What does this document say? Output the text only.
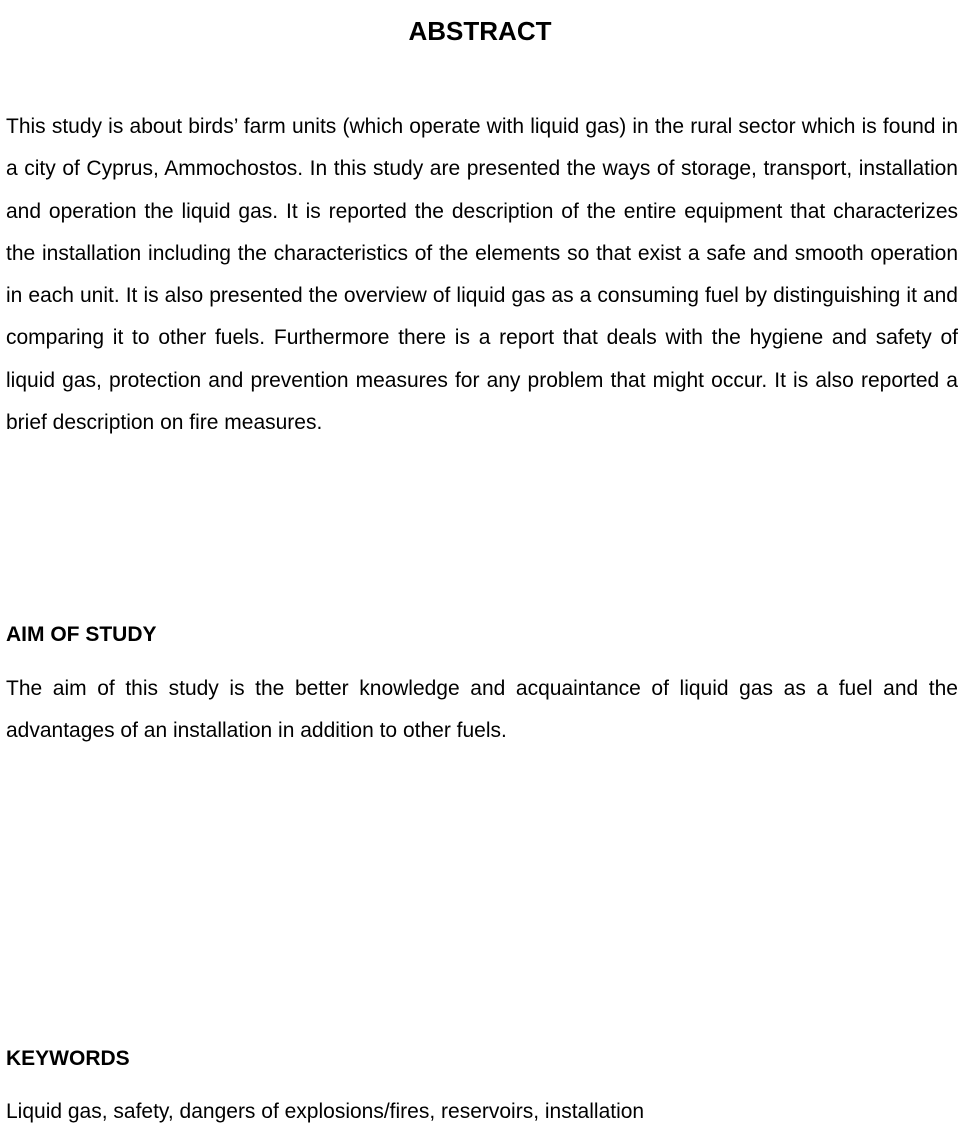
ABSTRACT

This study is about birds’ farm units (which operate with liquid gas) in the rural sector which is found in a city of Cyprus, Ammochostos. In this study are presented the ways of storage, transport, installation and operation the liquid gas. It is reported the description of the entire equipment that characterizes the installation including the characteristics of the elements so that exist a safe and smooth operation in each unit. It is also presented the overview of liquid gas as a consuming fuel by distinguishing it and comparing it to other fuels. Furthermore there is a report that deals with the hygiene and safety of liquid gas, protection and prevention measures for any problem that might occur. It is also reported a brief description on fire measures.

AIM OF STUDY

The aim of this study is the better knowledge and acquaintance of liquid gas as a fuel and the advantages of an installation in addition to other fuels.

KEYWORDS

Liquid gas, safety, dangers of explosions/fires, reservoirs, installation
